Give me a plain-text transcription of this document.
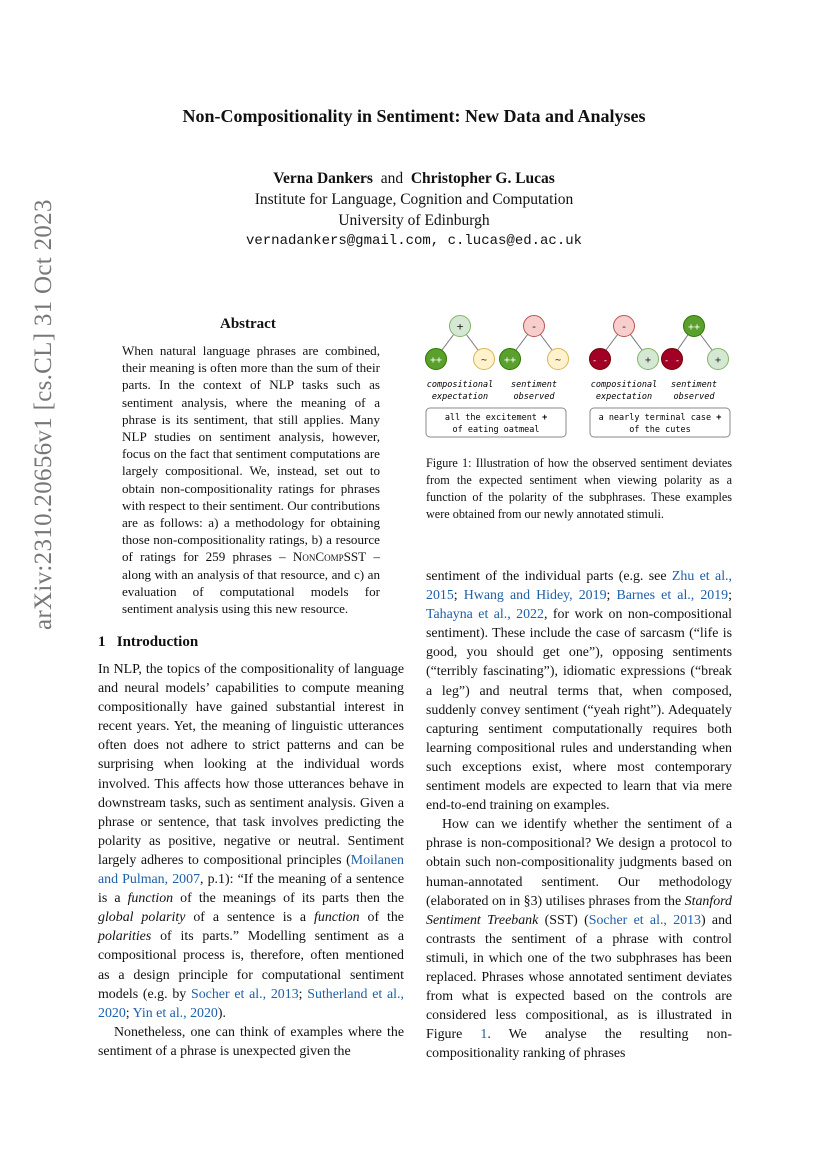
arXiv:2310.20656v1 [cs.CL] 31 Oct 2023
Non-Compositionality in Sentiment: New Data and Analyses
Verna Dankers and Christopher G. Lucas
Institute for Language, Cognition and Computation
University of Edinburgh
vernadankers@gmail.com, c.lucas@ed.ac.uk
Abstract
When natural language phrases are combined, their meaning is often more than the sum of their parts. In the context of NLP tasks such as sentiment analysis, where the meaning of a phrase is its sentiment, that still applies. Many NLP studies on sentiment analysis, however, focus on the fact that sentiment computations are largely compositional. We, instead, set out to obtain non-compositionality ratings for phrases with respect to their sentiment. Our contributions are as follows: a) a methodology for obtaining those non-compositionality ratings, b) a resource of ratings for 259 phrases – NonCompSST – along with an analysis of that resource, and c) an evaluation of computational models for sentiment analysis using this new resource.
+	-
++	~ ++	~
compositional
expectation
sentiment
observed
all the excitement +
of eating oatmeal
-	++
- -	+ - -	+
compositional
expectation
sentiment
observed
a nearly terminal case +
of the cutes
Figure 1: Illustration of how the observed sentiment deviates from the expected sentiment when viewing polarity as a function of the polarity of the subphrases. These examples were obtained from our newly annotated stimuli.
1 Introduction

In NLP, the topics of the compositionality of language and neural models’ capabilities to compute meaning compositionally have gained substantial interest in recent years. Yet, the meaning of linguistic utterances often does not adhere to strict patterns and can be surprising when looking at the individual words involved. This affects how those utterances behave in downstream tasks, such as sentiment analysis. Given a phrase or sentence, that task involves predicting the polarity as positive, negative or neutral. Sentiment largely adheres to compositional principles (Moilanen and Pulman, 2007, p.1): “If the meaning of a sentence is a function of the meanings of its parts then the global polarity of a sentence is a function of the polarities of its parts.” Modelling sentiment as a compositional process is, therefore, often mentioned as a design principle for computational sentiment models (e.g. by Socher et al., 2013; Sutherland et al., 2020; Yin et al., 2020).

Nonetheless, one can think of examples where the sentiment of a phrase is unexpected given the

sentiment of the individual parts (e.g. see Zhu et al., 2015; Hwang and Hidey, 2019; Barnes et al., 2019; Tahayna et al., 2022, for work on non-compositional sentiment). These include the case of sarcasm (“life is good, you should get one”), opposing sentiments (“terribly fascinating”), idiomatic expressions (“break a leg”) and neutral terms that, when composed, suddenly convey sentiment (“yeah right”). Adequately capturing sentiment computationally requires both learning compositional rules and understanding when such exceptions exist, where most contemporary sentiment models are expected to learn that via mere end-to-end training on examples.

How can we identify whether the sentiment of a phrase is non-compositional? We design a protocol to obtain such non-compositionality judgments based on human-annotated sentiment. Our methodology (elaborated on in §3) utilises phrases from the Stanford Sentiment Treebank (SST) (Socher et al., 2013) and contrasts the sentiment of a phrase with control stimuli, in which one of the two subphrases has been replaced. Phrases whose annotated sentiment deviates from what is expected based on the controls are considered less compositional, as is illustrated in Figure 1. We analyse the resulting non-compositionality ranking of phrases
